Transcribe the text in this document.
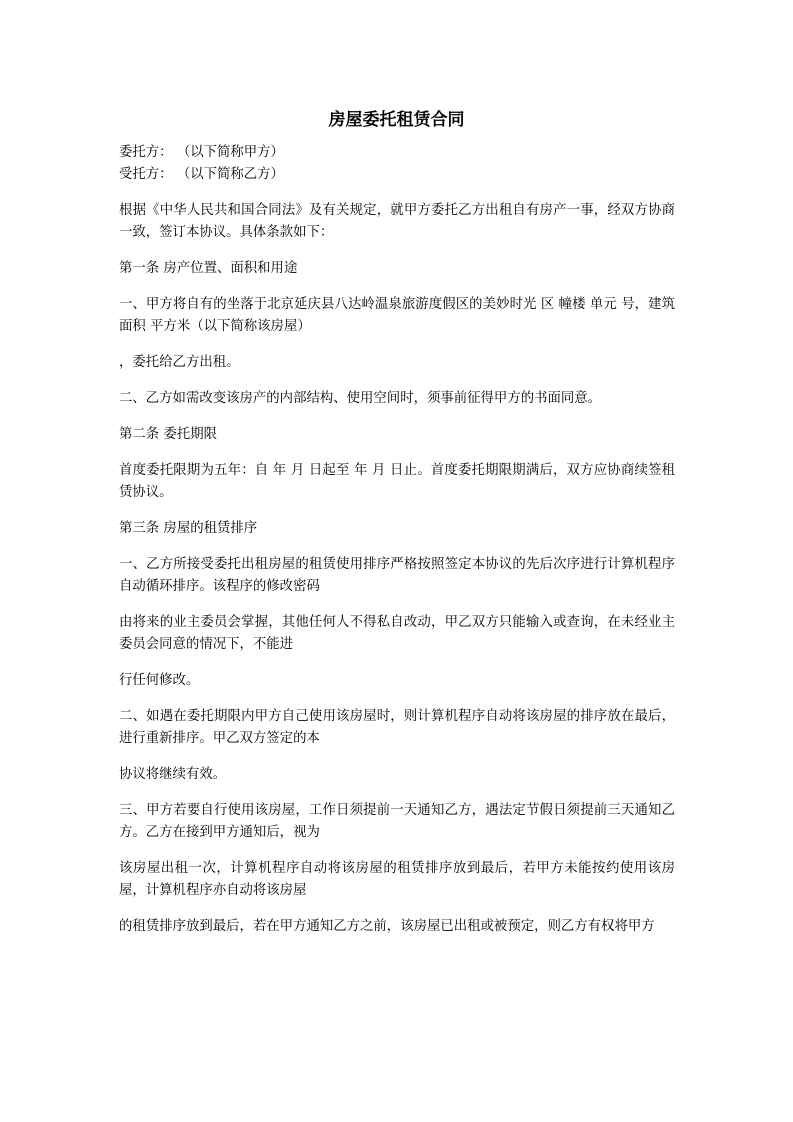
房屋委托租赁合同

委托方： （以下简称甲方）

受托方： （以下简称乙方）

根据《中华人民共和国合同法》及有关规定，就甲方委托乙方出租自有房产一事，经双方协商一致，签订本协议。具体条款如下：

第一条 房产位置、面积和用途

一、甲方将自有的坐落于北京延庆县八达岭温泉旅游度假区的美妙时光 区 幢楼 单元 号，建筑面积 平方米（以下简称该房屋）

，委托给乙方出租。

二、乙方如需改变该房产的内部结构、使用空间时，须事前征得甲方的书面同意。

第二条 委托期限

首度委托限期为五年：自 年 月 日起至 年 月 日止。首度委托期限期满后，双方应协商续签租赁协议。

第三条 房屋的租赁排序

一、乙方所接受委托出租房屋的租赁使用排序严格按照签定本协议的先后次序进行计算机程序自动循环排序。该程序的修改密码

由将来的业主委员会掌握，其他任何人不得私自改动，甲乙双方只能输入或查询，在未经业主委员会同意的情况下，不能进

行任何修改。

二、如遇在委托期限内甲方自己使用该房屋时，则计算机程序自动将该房屋的排序放在最后，进行重新排序。甲乙双方签定的本

协议将继续有效。

三、甲方若要自行使用该房屋，工作日须提前一天通知乙方，遇法定节假日须提前三天通知乙方。乙方在接到甲方通知后，视为

该房屋出租一次，计算机程序自动将该房屋的租赁排序放到最后，若甲方未能按约使用该房屋，计算机程序亦自动将该房屋

的租赁排序放到最后，若在甲方通知乙方之前，该房屋已出租或被预定，则乙方有权将甲方
